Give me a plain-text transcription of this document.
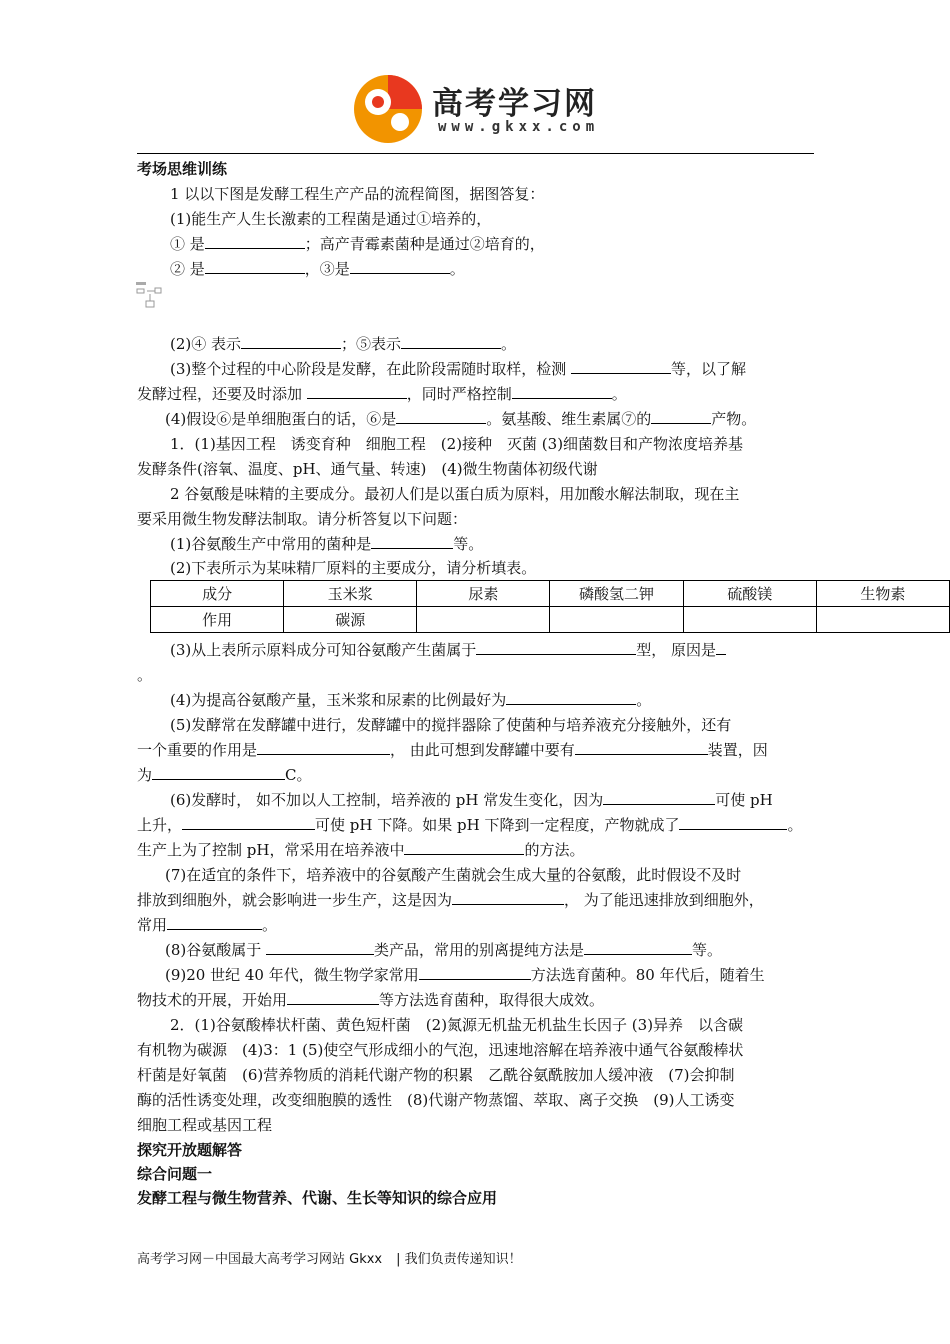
高考学习网
www.gkxx.com
考场思维训练
1 以以下图是发酵工程生产产品的流程简图，据图答复：
(1)能生产人生长激素的工程菌是通过①培养的，
① 是	；高产青霉素菌种是通过②培育的，
② 是	，③是	。
(2)④ 表示	；⑤表示	。
(3)整个过程的中心阶段是发酵，在此阶段需随时取样，检测	等，以了解
发酵过程，还要及时添加	，同时严格控制	。
(4)假设⑥是单细胞蛋白的话，⑥是	。氨基酸、维生素属⑦的	产物。
1．(1)基因工程　诱变育种　细胞工程　(2)接种　灭菌 (3)细菌数目和产物浓度培养基
发酵条件(溶氧、温度、pH、通气量、转速)　(4)微生物菌体初级代谢
2 谷氨酸是味精的主要成分。最初人们是以蛋白质为原料，用加酸水解法制取，现在主
要采用微生物发酵法制取。请分析答复以下问题：
(1)谷氨酸生产中常用的菌种是	等。
(2)下表所示为某味精厂原料的主要成分，请分析填表。
成分	玉米浆	尿素	磷酸氢二钾	硫酸镁	生物素
作用	碳源				
(3)从上表所示原料成分可知谷氨酸产生菌属于	型， 原因是
。
(4)为提高谷氨酸产量，玉米浆和尿素的比例最好为	。
(5)发酵常在发酵罐中进行，发酵罐中的搅拌器除了使菌种与培养液充分接触外，还有
一个重要的作用是	， 由此可想到发酵罐中要有	装置，因
为	C。
(6)发酵时， 如不加以人工控制，培养液的 pH 常发生变化，因为	可使 pH
上升，	可使 pH 下降。如果 pH 下降到一定程度，产物就成了	。
生产上为了控制 pH，常采用在培养液中	的方法。
(7)在适宜的条件下，培养液中的谷氨酸产生菌就会生成大量的谷氨酸，此时假设不及时
排放到细胞外，就会影响进一步生产，这是因为	， 为了能迅速排放到细胞外，
常用	。
(8)谷氨酸属于	类产品，常用的别离提纯方法是	等。
(9)20 世纪 40 年代，微生物学家常用	方法选育菌种。80 年代后，随着生
物技术的开展，开始用	等方法选育菌种，取得很大成效。
2．(1)谷氨酸棒状杆菌、黄色短杆菌　(2)氮源无机盐无机盐生长因子 (3)异养　以含碳
有机物为碳源　(4)3：1 (5)使空气形成细小的气泡，迅速地溶解在培养液中通气谷氨酸棒状
杆菌是好氧菌　(6)营养物质的消耗代谢产物的积累　乙酰谷氨酰胺加人缓冲液　(7)会抑制
酶的活性诱变处理，改变细胞膜的透性　(8)代谢产物蒸馏、萃取、离子交换　(9)人工诱变
细胞工程或基因工程
探究开放题解答
综合问题一
发酵工程与微生物营养、代谢、生长等知识的综合应用
高考学习网－中国最大高考学习网站 Gkxx | 我们负责传递知识！
